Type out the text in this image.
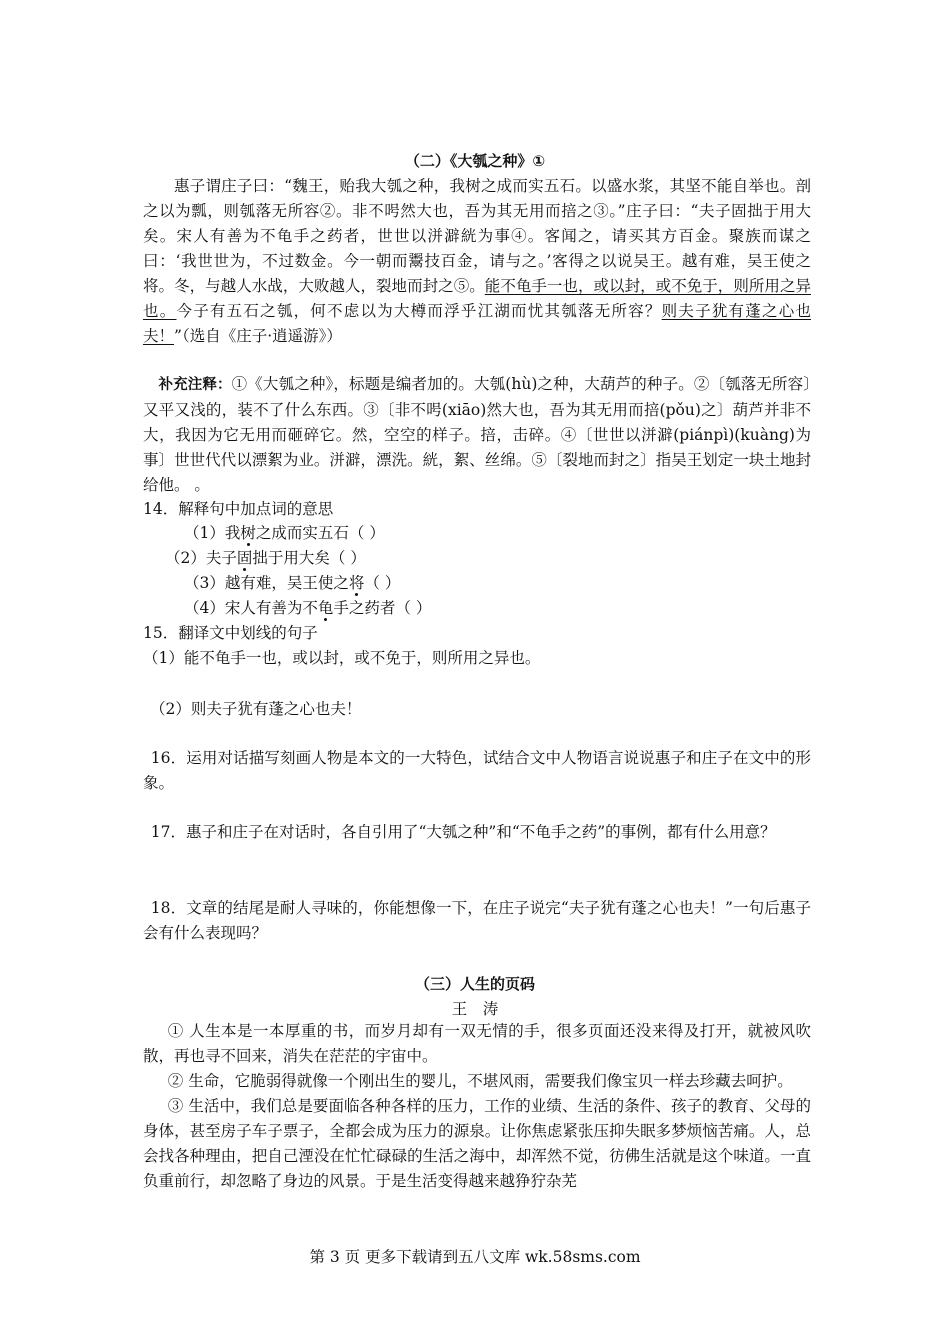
（二）《大瓠之种》①

惠子谓庄子曰：“魏王，贻我大瓠之种，我树之成而实五石。以盛水浆，其坚不能自举也。剖之以为瓢，则瓠落无所容②。非不呺然大也，吾为其无用而掊之③。”庄子曰：“夫子固拙于用大矣。宋人有善为不龟手之药者，世世以洴澼絖为事④。客闻之，请买其方百金。聚族而谋之曰：‘我世世为，不过数金。今一朝而鬻技百金，请与之。’客得之以说吴王。越有难，吴王使之将。冬，与越人水战，大败越人，裂地而封之⑤。能不龟手一也，或以封，或不免于，则所用之异也。今子有五石之瓠，何不虑以为大樽而浮乎江湖而忧其瓠落无所容？则夫子犹有蓬之心也夫！”（选自《庄子·逍遥游》）

补充注释：①《大瓠之种》，标题是编者加的。大瓠(hù)之种，大葫芦的种子。②〔瓠落无所容〕又平又浅的，装不了什么东西。③〔非不呺(xiāo)然大也，吾为其无用而掊(pǒu)之〕葫芦并非不大，我因为它无用而砸碎它。然，空空的样子。掊，击碎。④〔世世以洴澼(piánpì)(kuàng)为事〕世世代代以漂絮为业。洴澼，漂洗。絖，絮、丝绵。⑤〔裂地而封之〕指吴王划定一块土地封给他。 。

14．解释句中加点词的意思
（1）我树之成而实五石（ ）
（2）夫子固拙于用大矣（ ）
（3）越有难，吴王使之将（ ）
（4）宋人有善为不龟手之药者（ ）
15．翻译文中划线的句子
（1）能不龟手一也，或以封，或不免于，则所用之异也。
（2）则夫子犹有蓬之心也夫！

16．运用对话描写刻画人物是本文的一大特色，试结合文中人物语言说说惠子和庄子在文中的形象。

17．惠子和庄子在对话时，各自引用了“大瓠之种”和“不龟手之药”的事例，都有什么用意？

18．文章的结尾是耐人寻味的，你能想像一下，在庄子说完“夫子犹有蓬之心也夫！”一句后惠子会有什么表现吗？

（三）人生的页码
王　涛

① 人生本是一本厚重的书，而岁月却有一双无情的手，很多页面还没来得及打开，就被风吹散，再也寻不回来，消失在茫茫的宇宙中。

② 生命，它脆弱得就像一个刚出生的婴儿，不堪风雨，需要我们像宝贝一样去珍藏去呵护。

③ 生活中，我们总是要面临各种各样的压力，工作的业绩、生活的条件、孩子的教育、父母的身体，甚至房子车子票子，全都会成为压力的源泉。让你焦虑紧张压抑失眠多梦烦恼苦痛。人，总会找各种理由，把自己湮没在忙忙碌碌的生活之海中，却浑然不觉，彷佛生活就是这个味道。一直负重前行，却忽略了身边的风景。于是生活变得越来越狰狞杂芜

第 3 页 更多下载请到五八文库 wk.58sms.com
